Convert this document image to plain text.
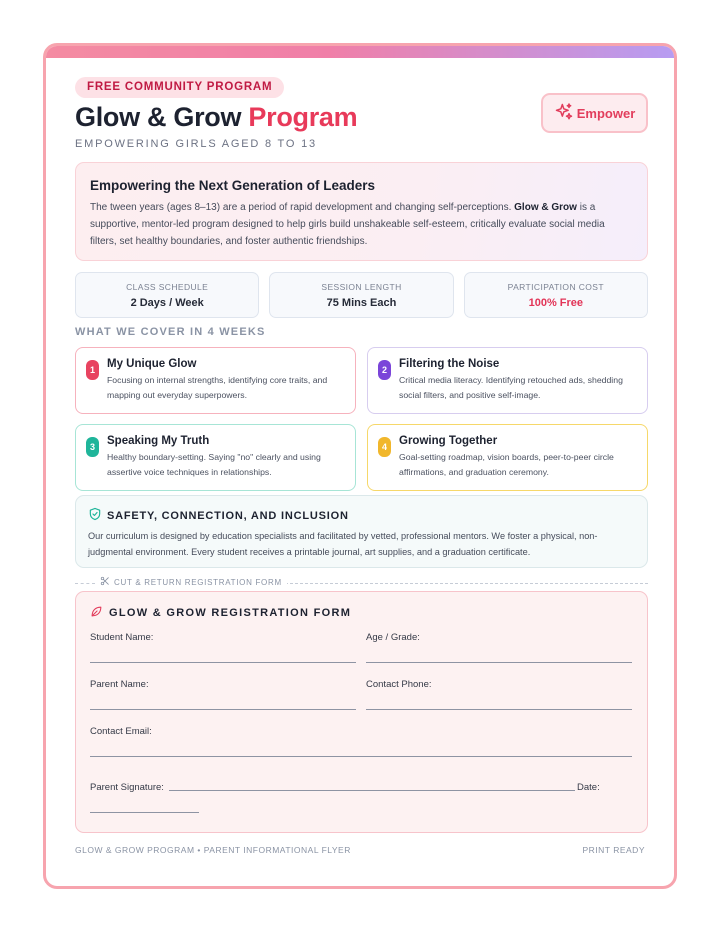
FREE COMMUNITY PROGRAM
Glow & Grow Program
EMPOWERING GIRLS AGED 8 TO 13
Empower
Empowering the Next Generation of Leaders

The tween years (ages 8–13) are a period of rapid development and changing self-perceptions. Glow & Grow is a supportive, mentor-led program designed to help girls build unshakeable self-esteem, critically evaluate social media filters, set healthy boundaries, and foster authentic friendships.

CLASS SCHEDULE
2 Days / Week
SESSION LENGTH
75 Mins Each
PARTICIPATION COST
100% Free
WHAT WE COVER IN 4 WEEKS
1	My Unique Glow

Focusing on internal strengths, identifying core traits, and mapping out everyday superpowers.

2	Filtering the Noise

Critical media literacy. Identifying retouched ads, shedding social filters, and positive self-image.

3	Speaking My Truth

Healthy boundary-setting. Saying "no" clearly and using assertive voice techniques in relationships.

4	Growing Together

Goal-setting roadmap, vision boards, peer-to-peer circle affirmations, and graduation ceremony.

SAFETY, CONNECTION, AND INCLUSION

Our curriculum is designed by education specialists and facilitated by vetted, professional mentors. We foster a physical, non-judgmental environment. Every student receives a printable journal, art supplies, and a graduation certificate.

CUT & RETURN REGISTRATION FORM
GLOW & GROW REGISTRATION FORM
Student Name:	Age / Grade:
Parent Name:	Contact Phone:
Contact Email:
Parent Signature:	Date:
GLOW & GROW PROGRAM • PARENT INFORMATIONAL FLYER	PRINT READY
